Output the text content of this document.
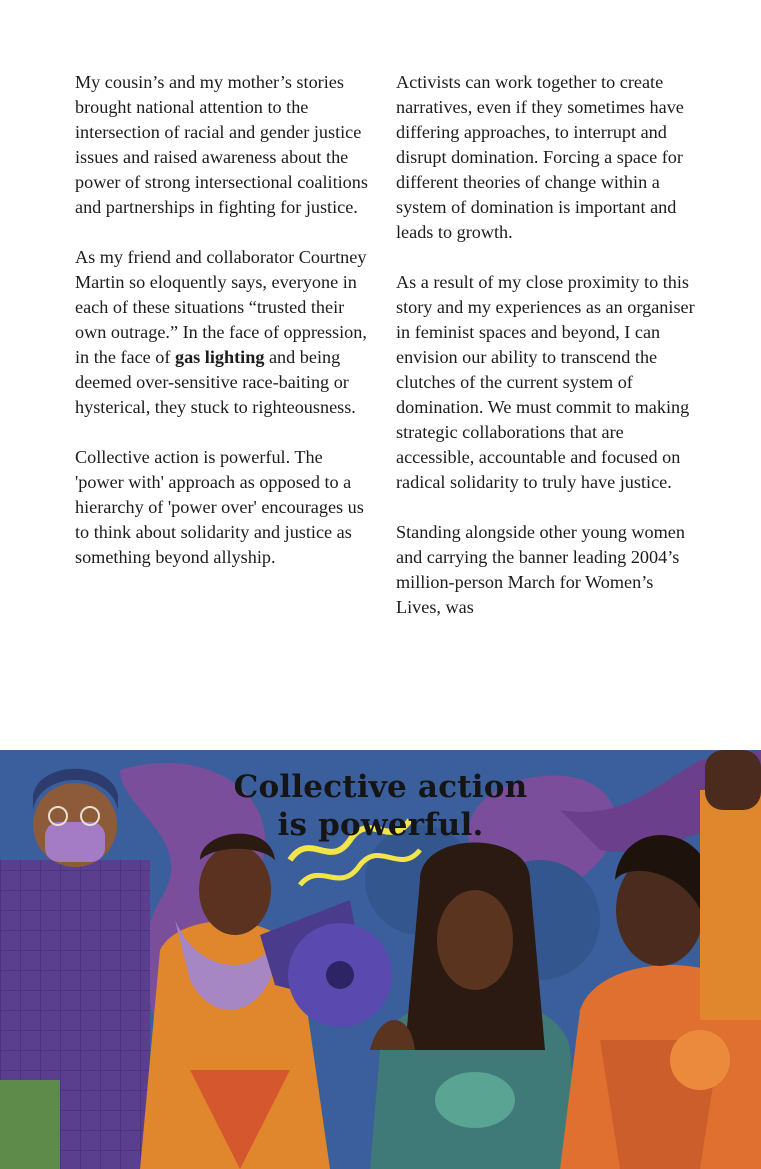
My cousin’s and my mother’s stories brought national attention to the intersection of racial and gender justice issues and raised awareness about the power of strong intersectional coalitions and partnerships in fighting for justice.

As my friend and collaborator Courtney Martin so eloquently says, everyone in each of these situations “trusted their own outrage.” In the face of oppression, in the face of gas lighting and being deemed over-sensitive race-baiting or hysterical, they stuck to righteousness.

Collective action is powerful. The 'power with' approach as opposed to a hierarchy of 'power over' encourages us to think about solidarity and justice as something beyond allyship.

Activists can work together to create narratives, even if they sometimes have differing approaches, to interrupt and disrupt domination. Forcing a space for different theories of change within a system of domination is important and leads to growth.

As a result of my close proximity to this story and my experiences as an organiser in feminist spaces and beyond, I can envision our ability to transcend the clutches of the current system of domination. We must commit to making strategic collaborations that are accessible, accountable and focused on radical solidarity to truly have justice.

Standing alongside other young women and carrying the banner leading 2004’s million-person March for Women’s Lives, was

Collective action
is powerful.
